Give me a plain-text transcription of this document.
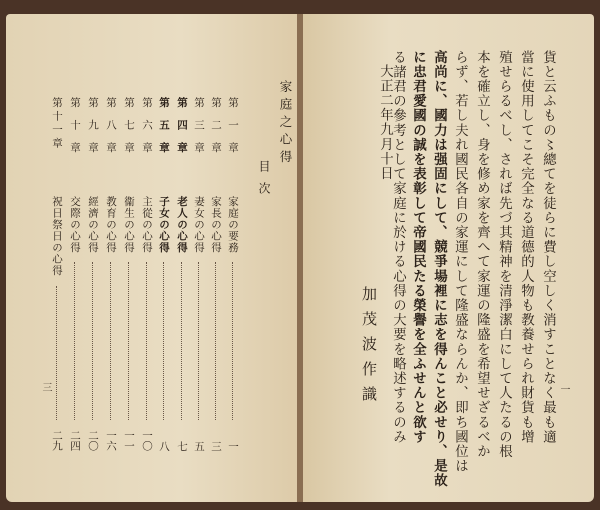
貨と云ふもの〻總てを徒らに費し空しく消すことなく最も適
當に使用してこそ完全なる道德的人物も教養せられ財貨も增
殖せらるべし、されば先づ其精神を清淨潔白にして人たるの根
本を確立し、身を修め家を齊へて家運の隆盛を希望せざるべか
らず、若し夫れ國民各自の家運にして隆盛ならんか、即ち國位は
高尚に、國力は强固にして、競爭場裡に志を得んこと必せり、是故
に忠君愛國の誠を表彰して帝國民たる榮譽を全ふせんと欲す
る諸君の參考として家庭に於ける心得の大要を略述するのみ
大正二年九月十日
加茂波作識	一
家庭之心得
目次
第一章
家庭の要務
一
第二章
家長の心得
三
第三章
妻女の心得
五
第四章
老人の心得
七
第五章
子女の心得
八
第六章
主從の心得
一〇
第七章
衞生の心得
一一
第八章
教育の心得
一六
第九章
經濟の心得
二〇
第十章
交際の心得
二四
第十一章
祝日祭日の心得
二九
三
